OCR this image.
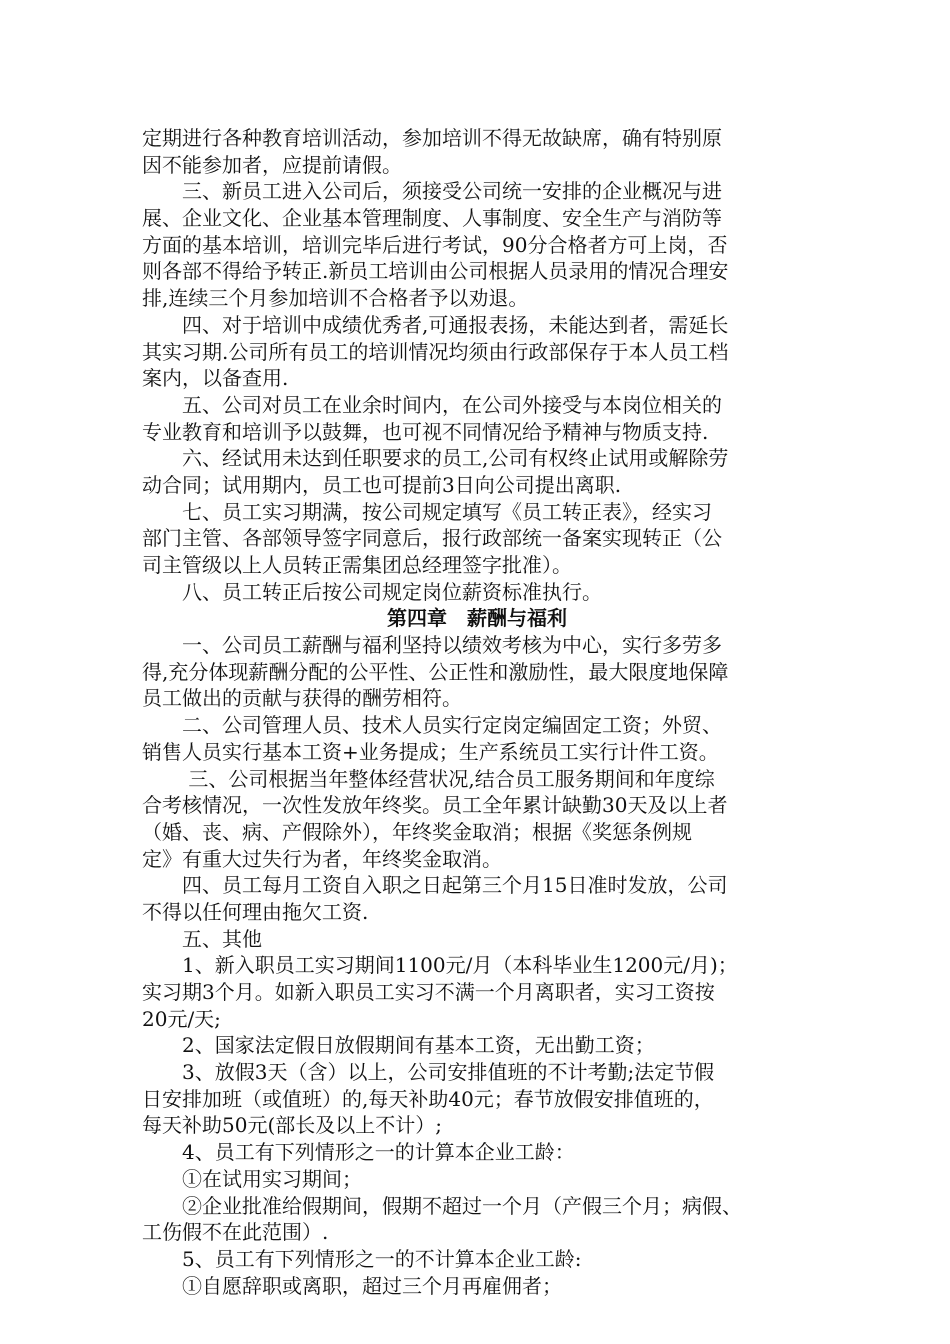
定期进行各种教育培训活动，参加培训不得无故缺席，确有特别原
因不能参加者，应提前请假。
　　三、新员工进入公司后，须接受公司统一安排的企业概况与进
展、企业文化、企业基本管理制度、人事制度、安全生产与消防等
方面的基本培训，培训完毕后进行考试，90分合格者方可上岗，否
则各部不得给予转正.新员工培训由公司根据人员录用的情况合理安
排,连续三个月参加培训不合格者予以劝退。
　　四、对于培训中成绩优秀者,可通报表扬，未能达到者，需延长
其实习期.公司所有员工的培训情况均须由行政部保存于本人员工档
案内，以备查用.
　　五、公司对员工在业余时间内，在公司外接受与本岗位相关的
专业教育和培训予以鼓舞，也可视不同情况给予精神与物质支持.
　　六、经试用未达到任职要求的员工,公司有权终止试用或解除劳
动合同；试用期内，员工也可提前3日向公司提出离职.
　　七、员工实习期满，按公司规定填写《员工转正表》，经实习
部门主管、各部领导签字同意后，报行政部统一备案实现转正（公
司主管级以上人员转正需集团总经理签字批准）。
　　八、员工转正后按公司规定岗位薪资标准执行。
第四章　薪酬与福利
　　一、公司员工薪酬与福利坚持以绩效考核为中心，实行多劳多
得,充分体现薪酬分配的公平性、公正性和激励性，最大限度地保障
员工做出的贡献与获得的酬劳相符。
　　二、公司管理人员、技术人员实行定岗定编固定工资；外贸、
销售人员实行基本工资+业务提成；生产系统员工实行计件工资。
　　 三、公司根据当年整体经营状况,结合员工服务期间和年度综
合考核情况，一次性发放年终奖。员工全年累计缺勤30天及以上者
（婚、丧、病、产假除外），年终奖金取消；根据《奖惩条例规
定》有重大过失行为者，年终奖金取消。
　　四、员工每月工资自入职之日起第三个月15日准时发放，公司
不得以任何理由拖欠工资.
　　五、其他
　　1、新入职员工实习期间1100元/月（本科毕业生1200元/月)；
实习期3个月。如新入职员工实习不满一个月离职者，实习工资按
20元/天;
　　2、国家法定假日放假期间有基本工资，无出勤工资；
　　3、放假3天（含）以上，公司安排值班的不计考勤;法定节假
日安排加班（或值班）的,每天补助40元；春节放假安排值班的，
每天补助50元(部长及以上不计）;
　　4、员工有下列情形之一的计算本企业工龄：
　　①在试用实习期间；
　　②企业批准给假期间，假期不超过一个月（产假三个月；病假、
工伤假不在此范围）.
　　5、员工有下列情形之一的不计算本企业工龄:
　　①自愿辞职或离职，超过三个月再雇佣者；
